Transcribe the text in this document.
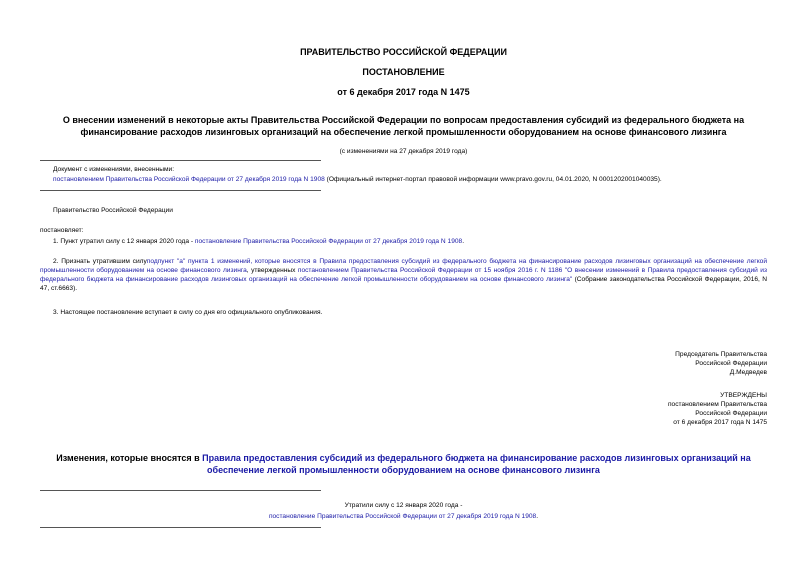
ПРАВИТЕЛЬСТВО РОССИЙСКОЙ ФЕДЕРАЦИИ
ПОСТАНОВЛЕНИЕ
от 6 декабря 2017 года N 1475
О внесении изменений в некоторые акты Правительства Российской Федерации по вопросам предоставления субсидий из федерального бюджета на
финансирование расходов лизинговых организаций на обеспечение легкой промышленности оборудованием на основе финансового лизинга
(с изменениями на 27 декабря 2019 года)
Документ с изменениями, внесенными:
постановлением Правительства Российской Федерации от 27 декабря 2019 года N 1908 (Официальный интернет-портал правовой информации www.pravo.gov.ru, 04.01.2020, N 0001202001040035).
Правительство Российской Федерации
постановляет:
1. Пункт утратил силу с 12 января 2020 года - постановление Правительства Российской Федерации от 27 декабря 2019 года N 1908.
2. Признать утратившим силуподпункт "а" пункта 1 изменений, которые вносятся в Правила предоставления субсидий из федерального бюджета на финансирование расходов лизинговых организаций на обеспечение легкой промышленности оборудованием на основе финансового лизинга, утвержденных постановлением Правительства Российской Федерации от 15 ноября 2016 г. N 1186 "О внесении изменений в Правила предоставления субсидий из федерального бюджета на финансирование расходов лизинговых организаций на обеспечение легкой промышленности оборудованием на основе финансового лизинга" (Собрание законодательства Российской Федерации, 2016, N 47, ст.6663).
3. Настоящее постановление вступает в силу со дня его официального опубликования.
Председатель Правительства
Российской Федерации
Д.Медведев
УТВЕРЖДЕНЫ
постановлением Правительства
Российской Федерации
от 6 декабря 2017 года N 1475
Изменения, которые вносятся в Правила предоставления субсидий из федерального бюджета на финансирование расходов лизинговых организаций на
обеспечение легкой промышленности оборудованием на основе финансового лизинга
Утратили силу с 12 января 2020 года -
постановление Правительства Российской Федерации от 27 декабря 2019 года N 1908.
